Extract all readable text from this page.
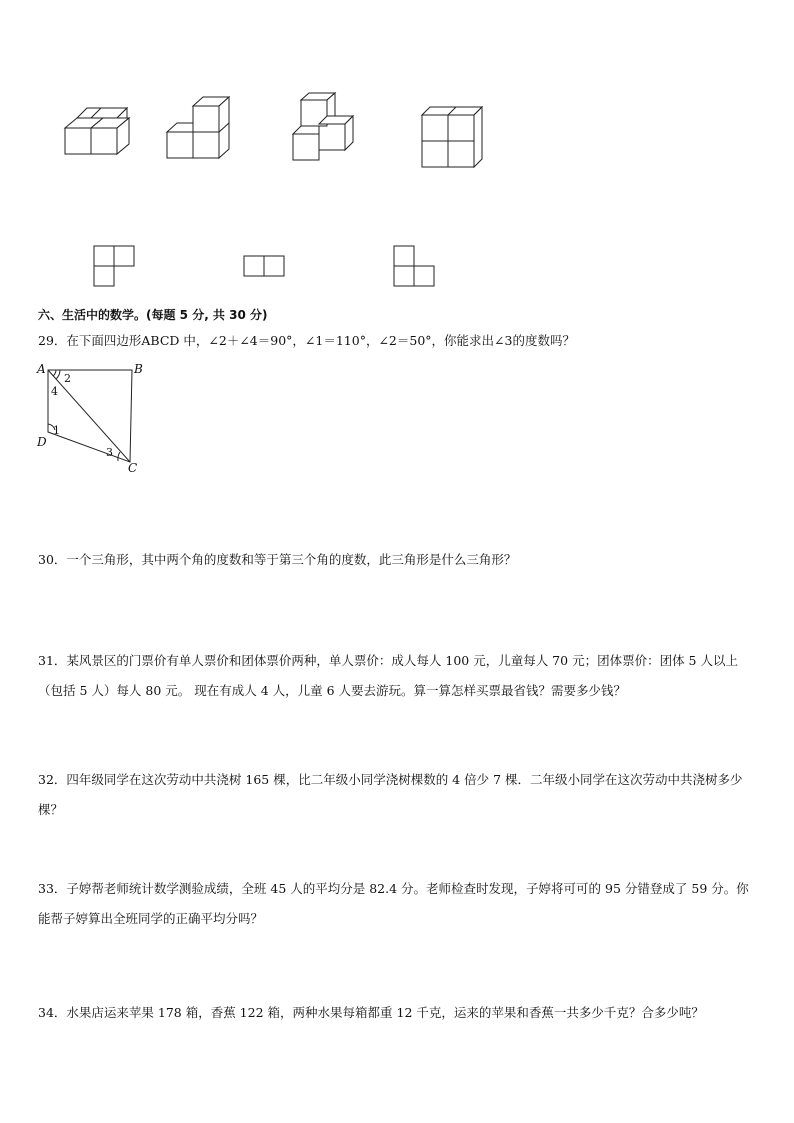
六、生活中的数学。(每题 5 分, 共 30 分)
29．在下面四边形ABCD 中，∠2＋∠4＝90°，∠1＝110°，∠2＝50°，你能求出∠3的度数吗？
A	B
C
D
2
4
1
3
30．一个三角形，其中两个角的度数和等于第三个角的度数，此三角形是什么三角形？
31．某风景区的门票价有单人票价和团体票价两种，单人票价：成人每人 100 元，儿童每人 70 元；团体票价：团体 5 人以上（包括 5 人）每人 80 元。 现在有成人 4 人，儿童 6 人要去游玩。算一算怎样买票最省钱？需要多少钱？
32．四年级同学在这次劳动中共浇树 165 棵，比二年级小同学浇树棵数的 4 倍少 7 棵．二年级小同学在这次劳动中共浇树多少棵？
33．子婷帮老师统计数学测验成绩，全班 45 人的平均分是 82.4 分。老师检查时发现，子婷将可可的 95 分错登成了 59 分。你能帮子婷算出全班同学的正确平均分吗？
34．水果店运来苹果 178 箱，香蕉 122 箱，两种水果每箱都重 12 千克，运来的苹果和香蕉一共多少千克？合多少吨？
